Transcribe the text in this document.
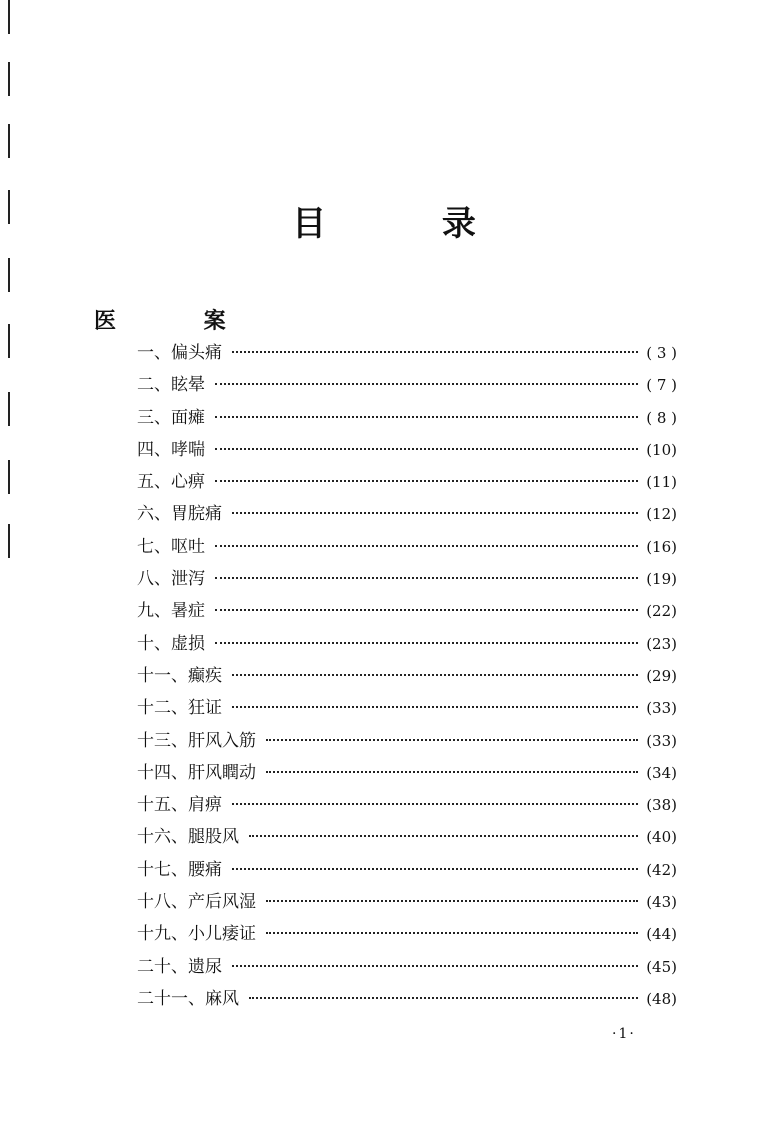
目 录
医 案
一、偏头痛	( 3 )
二、眩晕	( 7 )
三、面瘫	( 8 )
四、哮喘	(10)
五、心痹	(11)
六、胃脘痛	(12)
七、呕吐	(16)
八、泄泻	(19)
九、暑症	(22)
十、虚损	(23)
十一、癫疾	(29)
十二、狂证	(33)
十三、肝风入筋	(33)
十四、肝风瞤动	(34)
十五、肩痹	(38)
十六、腿股风	(40)
十七、腰痛	(42)
十八、产后风湿	(43)
十九、小儿痿证	(44)
二十、遗尿	(45)
二十一、麻风	(48)

·1·
